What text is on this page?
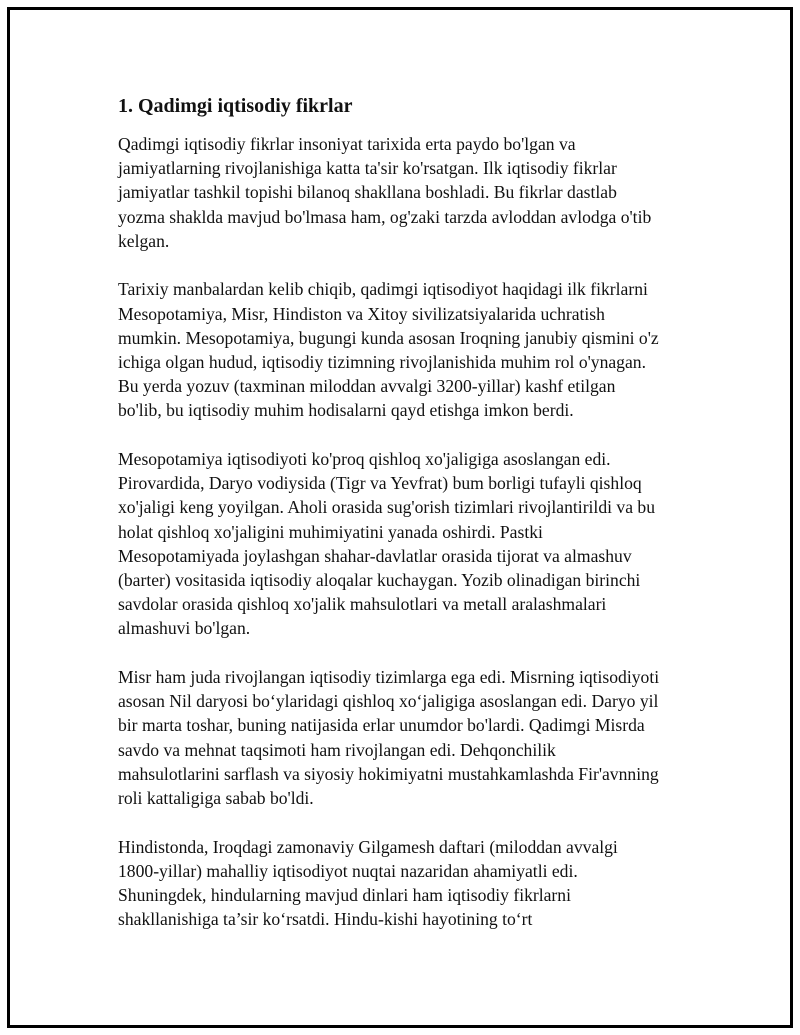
1. Qadimgi iqtisodiy fikrlar
Qadimgi iqtisodiy fikrlar insoniyat tarixida erta paydo bo'lgan va
jamiyatlarning rivojlanishiga katta ta'sir ko'rsatgan. Ilk iqtisodiy fikrlar
jamiyatlar tashkil topishi bilanoq shakllana boshladi. Bu fikrlar dastlab
yozma shaklda mavjud bo'lmasa ham, og'zaki tarzda avloddan avlodga o'tib
kelgan.
Tarixiy manbalardan kelib chiqib, qadimgi iqtisodiyot haqidagi ilk fikrlarni
Mesopotamiya, Misr, Hindiston va Xitoy sivilizatsiyalarida uchratish
mumkin. Mesopotamiya, bugungi kunda asosan Iroqning janubiy qismini o'z
ichiga olgan hudud, iqtisodiy tizimning rivojlanishida muhim rol o'ynagan.
Bu yerda yozuv (taxminan miloddan avvalgi 3200-yillar) kashf etilgan
bo'lib, bu iqtisodiy muhim hodisalarni qayd etishga imkon berdi.
Mesopotamiya iqtisodiyoti ko'proq qishloq xo'jaligiga asoslangan edi.
Pirovardida, Daryo vodiysida (Tigr va Yevfrat) bum borligi tufayli qishloq
xo'jaligi keng yoyilgan. Aholi orasida sug'orish tizimlari rivojlantirildi va bu
holat qishloq xo'jaligini muhimiyatini yanada oshirdi. Pastki
Mesopotamiyada joylashgan shahar-davlatlar orasida tijorat va almashuv
(barter) vositasida iqtisodiy aloqalar kuchaygan. Yozib olinadigan birinchi
savdolar orasida qishloq xo'jalik mahsulotlari va metall aralashmalari
almashuvi bo'lgan.
Misr ham juda rivojlangan iqtisodiy tizimlarga ega edi. Misrning iqtisodiyoti
asosan Nil daryosi bo‘ylaridagi qishloq xo‘jaligiga asoslangan edi. Daryo yil
bir marta toshar, buning natijasida erlar unumdor bo'lardi. Qadimgi Misrda
savdo va mehnat taqsimoti ham rivojlangan edi. Dehqonchilik
mahsulotlarini sarflash va siyosiy hokimiyatni mustahkamlashda Fir'avnning
roli kattaligiga sabab bo'ldi.
Hindistonda, Iroqdagi zamonaviy Gilgamesh daftari (miloddan avvalgi
1800-yillar) mahalliy iqtisodiyot nuqtai nazaridan ahamiyatli edi.
Shuningdek, hindularning mavjud dinlari ham iqtisodiy fikrlarni
shakllanishiga ta’sir ko‘rsatdi. Hindu-kishi hayotining to‘rt
